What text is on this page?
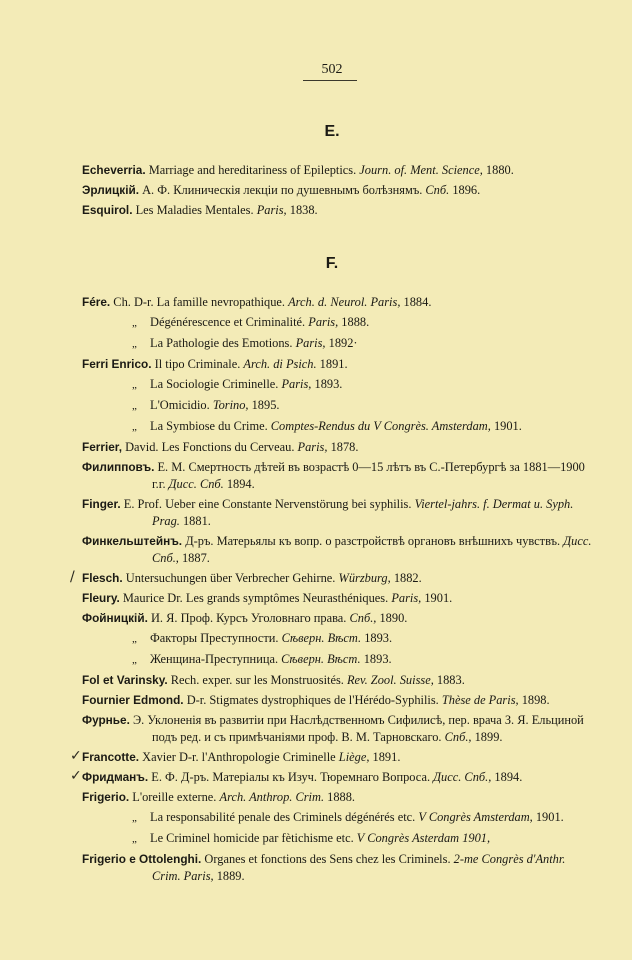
502
E.
Echeverria. Marriage and hereditariness of Epileptics. Journ. of. Ment. Science, 1880.
Эрлицкій. А. Ф. Клиническія лекціи по душевнымъ болѣзнямъ. Спб. 1896.
Esquirol. Les Maladies Mentales. Paris, 1838.
F.
Fére. Ch. D-r. La famille nevropathique. Arch. d. Neurol. Paris, 1884.
„ Dégénérescence et Criminalité. Paris, 1888.
„ La Pathologie des Emotions. Paris, 1892·
Ferri Enrico. Il tipo Criminale. Arch. di Psich. 1891.
„ La Sociologie Criminelle. Paris, 1893.
„ L'Omicidio. Torino, 1895.
„ La Symbiose du Crime. Comptes-Rendus du V Congrès. Amsterdam, 1901.
Ferrier, David. Les Fonctions du Cerveau. Paris, 1878.
Филипповъ. Е. М. Смертность дѣтей въ возрастѣ 0—15 лѣтъ въ С.-Петербургѣ за 1881—1900 г.г. Дисс. Спб. 1894.
Finger. E. Prof. Ueber eine Constante Nervenstörung bei syphilis. Viertel-jahrs. f. Dermat u. Syph. Prag. 1881.
Финкельштейнъ. Д-ръ. Матерьялы къ вопр. о разстройствѣ органовъ внѣшнихъ чувствъ. Дисс. Спб., 1887.
/ Flesch. Untersuchungen über Verbrecher Gehirne. Würzburg, 1882.
Fleury. Maurice Dr. Les grands symptômes Neurasthéniques. Paris, 1901.
Фойницкій. И. Я. Проф. Курсъ Уголовнаго права. Спб., 1890.
„ Факторы Преступности. Сѣверн. Вѣст. 1893.
„ Женщина-Преступница. Сѣверн. Вѣст. 1893.
Fol et Varinsky. Rech. exper. sur les Monstruosités. Rev. Zool. Suisse, 1883.
Fournier Edmond. D-r. Stigmates dystrophiques de l'Hérédo-Syphilis. Thèse de Paris, 1898.
Фурнье. Э. Уклоненія въ развитіи при Наслѣдственномъ Сифилисѣ, пер. врача З. Я. Ельциной подъ ред. и съ примѣчаніями проф. В. М. Тарновскаго. Спб., 1899.
✓ Francotte. Xavier D-r. l'Anthropologie Criminelle Liège, 1891.
✓ Фридманъ. Е. Ф. Д-ръ. Матеріалы къ Изуч. Тюремнаго Вопроса. Дисс. Спб., 1894.
Frigerio. L'oreille externe. Arch. Anthrop. Crim. 1888.
„ La responsabilité penale des Criminels dégénérés etc. V Congrès Amsterdam, 1901.
„ Le Criminel homicide par fètichisme etc. V Congrès Asterdam 1901,
Frigerio e Ottolenghi. Organes et fonctions des Sens chez les Criminels. 2-me Congrès d'Anthr. Crim. Paris, 1889.
